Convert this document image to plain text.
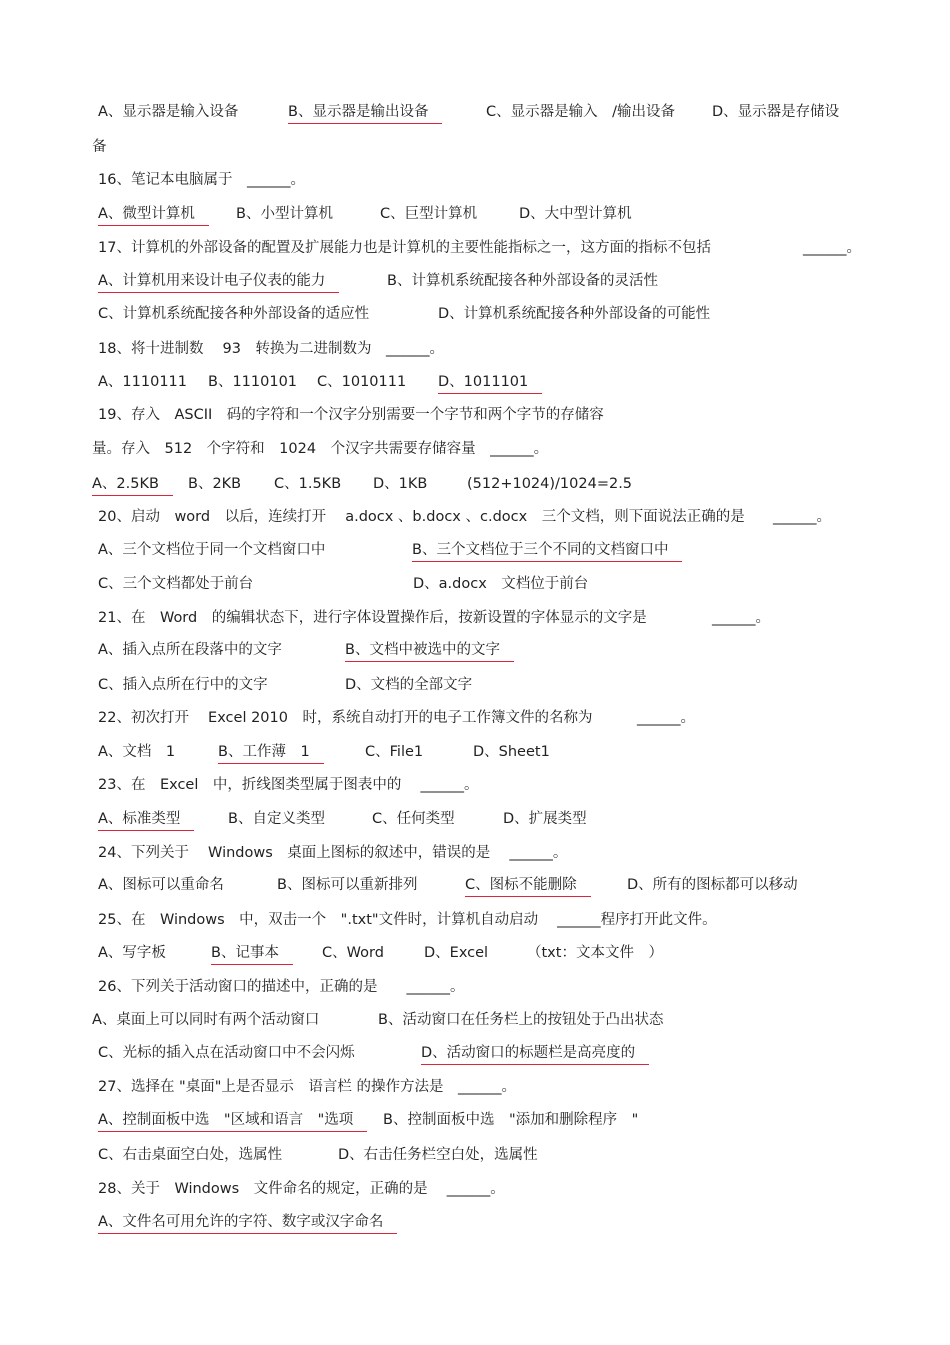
A、显示器是输入设备	B、显示器是输出设备	C、显示器是输入　/输出设备	D、显示器是存储设
备
16、笔记本电脑属于　______。
A、微型计算机	B、小型计算机	C、巨型计算机	D、大中型计算机
17、计算机的外部设备的配置及扩展能力也是计算机的主要性能指标之一，这方面的指标不包括	______。
A、计算机用来设计电子仪表的能力	B、计算机系统配接各种外部设备的灵活性
C、计算机系统配接各种外部设备的适应性	D、计算机系统配接各种外部设备的可能性
18、将十进制数　 93　转换为二进制数为　______。
A、1110111 B、1110101 C、1010111 D、1011101
19、存入　ASCII　码的字符和一个汉字分别需要一个字节和两个字节的存储容
量。存入　512　个字符和　1024　个汉字共需要存储容量　______。
A、2.5KB	B、2KB C、1.5KB D、1KB	(512+1024)/1024=2.5
20、启动　word　以后，连续打开　 a.docx 、b.docx 、c.docx　三个文档，则下面说法正确的是 ______。
A、三个文档位于同一个文档窗口中	B、三个文档位于三个不同的文档窗口中
C、三个文档都处于前台	D、a.docx　文档位于前台
21、在　Word　的编辑状态下，进行字体设置操作后，按新设置的字体显示的文字是	______。
A、插入点所在段落中的文字	B、文档中被选中的文字
C、插入点所在行中的文字	D、文档的全部文字
22、初次打开　 Excel 2010　时，系统自动打开的电子工作簿文件的名称为	______。
A、文档　1	B、工作薄　1	C、File1	D、Sheet1
23、在　Excel　中，折线图类型属于图表中的　 ______。
A、标准类型	B、自定义类型	C、任何类型	D、扩展类型
24、下列关于　 Windows　桌面上图标的叙述中，错误的是　 ______。
A、图标可以重命名	B、图标可以重新排列	C、图标不能删除	D、所有的图标都可以移动
25、在　Windows　中，双击一个　".txt"文件时，计算机自动启动　 ______程序打开此文件。
A、写字板	B、记事本	C、Word	D、Excel	（txt：文本文件　）
26、下列关于活动窗口的描述中，正确的是　　______。
A、桌面上可以同时有两个活动窗口	B、活动窗口在任务栏上的按钮处于凸出状态
C、光标的插入点在活动窗口中不会闪烁	D、活动窗口的标题栏是高亮度的
27、选择在 "桌面"上是否显示　语言栏 的操作方法是　______。
A、控制面板中选　"区域和语言　"选项	B、控制面板中选　"添加和删除程序　"
C、右击桌面空白处，选属性	D、右击任务栏空白处，选属性
28、关于　Windows　文件命名的规定，正确的是　 ______。
A、文件名可用允许的字符、数字或汉字命名
